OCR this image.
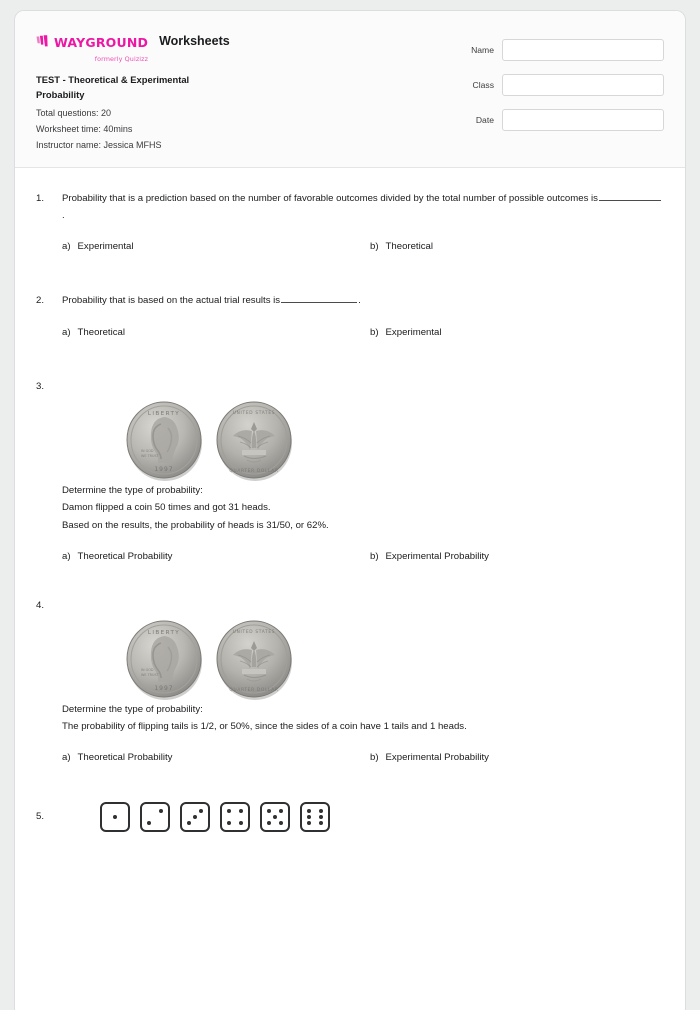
WAYGROUND
formerly Quizizz
Worksheets
TEST - Theoretical & Experimental Probability
Total questions: 20
Worksheet time: 40mins
Instructor name: Jessica MFHS
Name
Class
Date
1.	Probability that is a prediction based on the number of favorable outcomes divided by the total number of possible outcomes is.
a) Experimental	b) Theoretical
2.	Probability that is based on the actual trial results is	.
a) Theoretical	b) Experimental
3.
LIBERTY
1997
IN GOD
WE TRUST
UNITED STATES
QUARTER DOLLAR
Determine the type of probability:
Damon flipped a coin 50 times and got 31 heads.
Based on the results, the probability of heads is 31/50, or 62%.
a) Theoretical Probability	b) Experimental Probability
4.
LIBERTY
1997
IN GOD
WE TRUST
UNITED STATES
QUARTER DOLLAR
Determine the type of probability:
The probability of flipping tails is 1/2, or 50%, since the sides of a coin have 1 tails and 1 heads.
a) Theoretical Probability	b) Experimental Probability
5.
